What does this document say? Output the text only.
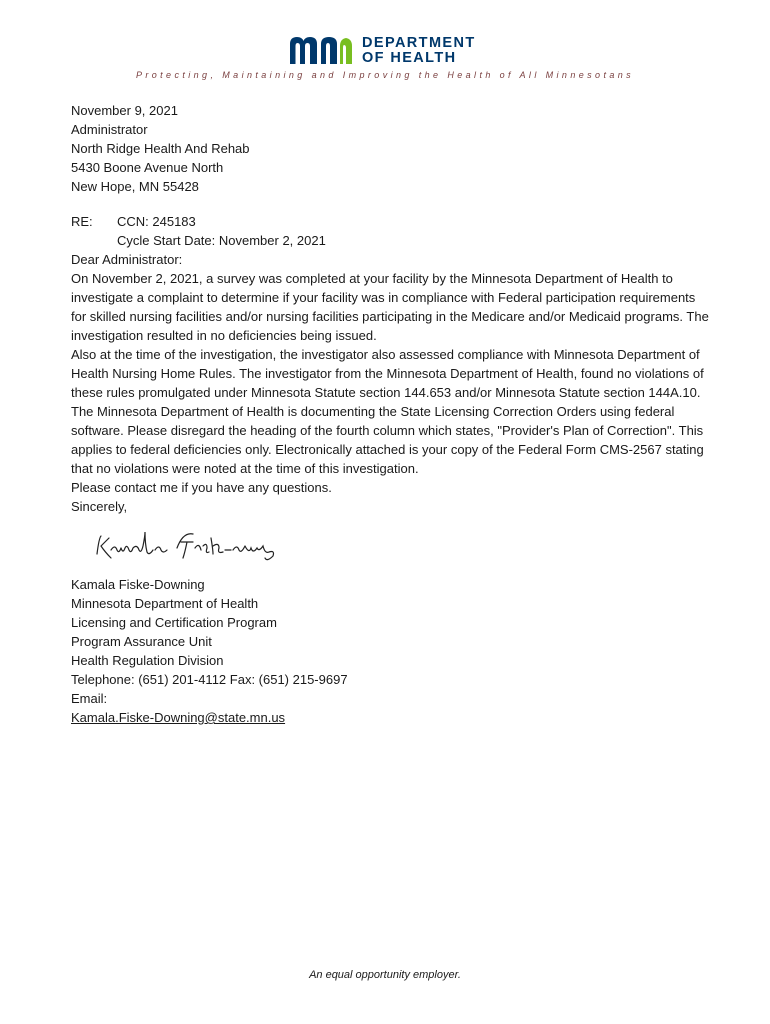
DEPARTMENT
OF HEALTH
Protecting, Maintaining and Improving the Health of All Minnesotans

November 9, 2021

Administrator
North Ridge Health And Rehab
5430 Boone Avenue North
New Hope, MN 55428

RE: CCN: 245183
Cycle Start Date: November 2, 2021

Dear Administrator:

On November 2, 2021, a survey was completed at your facility by the Minnesota Department of Health to investigate a complaint to determine if your facility was in compliance with Federal participation requirements for skilled nursing facilities and/or nursing facilities participating in the Medicare and/or Medicaid programs. The investigation resulted in no deficiencies being issued.

Also at the time of the investigation, the investigator also assessed compliance with Minnesota Department of Health Nursing Home Rules. The investigator from the Minnesota Department of Health, found no violations of these rules promulgated under Minnesota Statute section 144.653 and/or Minnesota Statute section 144A.10.

The Minnesota Department of Health is documenting the State Licensing Correction Orders using federal software. Please disregard the heading of the fourth column which states, "Provider's Plan of Correction". This applies to federal deficiencies only. Electronically attached is your copy of the Federal Form CMS-2567 stating that no violations were noted at the time of this investigation.

Please contact me if you have any questions.

Sincerely,

Kamala Fiske-Downing
Minnesota Department of Health
Licensing and Certification Program
Program Assurance Unit
Health Regulation Division
Telephone: (651) 201-4112 Fax: (651) 215-9697
Email:
Kamala.Fiske-Downing@state.mn.us
An equal opportunity employer.
